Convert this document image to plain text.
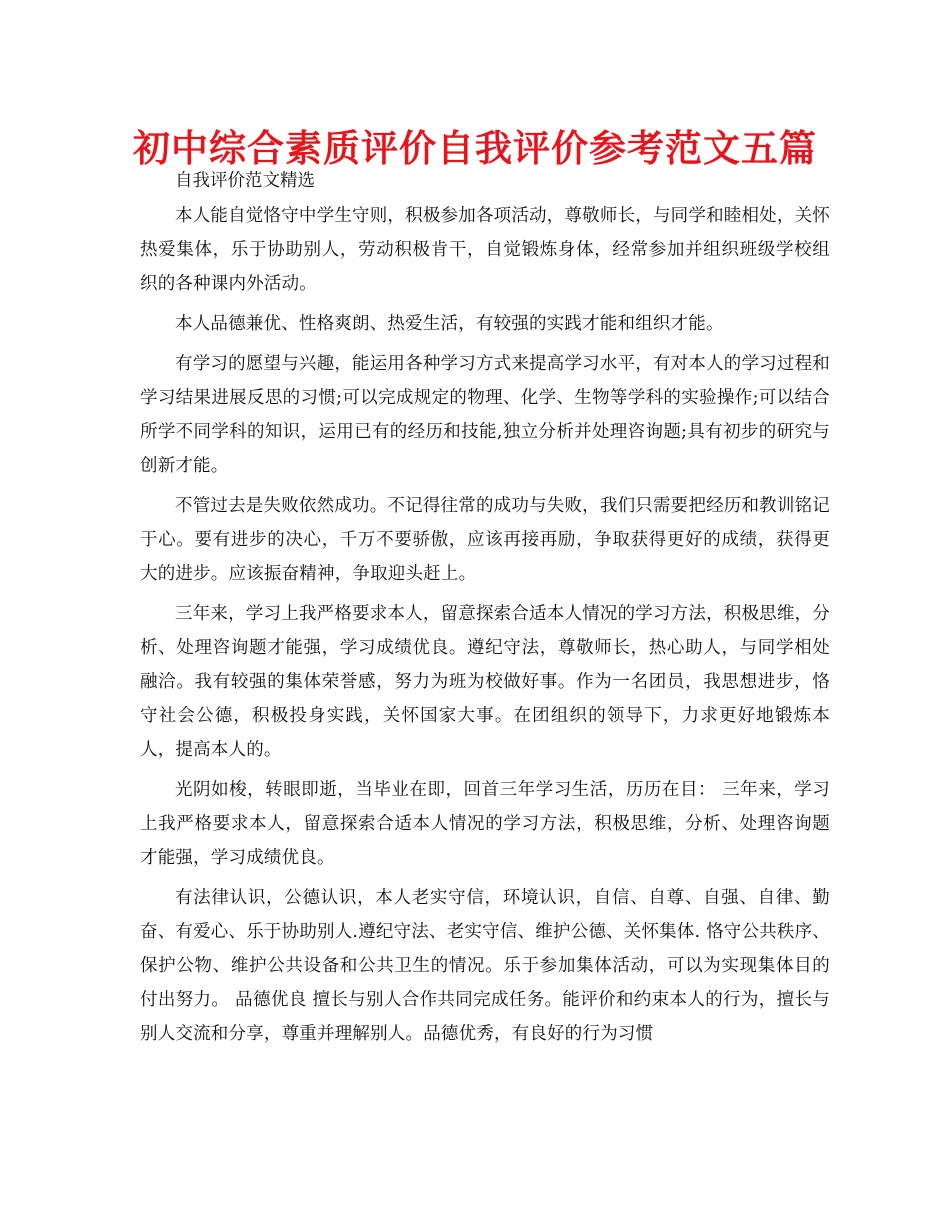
初中综合素质评价自我评价参考范文五篇
自我评价范文精选

本人能自觉恪守中学生守则，积极参加各项活动，尊敬师长，与同学和睦相处，关怀热爱集体，乐于协助别人，劳动积极肯干，自觉锻炼身体，经常参加并组织班级学校组织的各种课内外活动。

本人品德兼优、性格爽朗、热爱生活，有较强的实践才能和组织才能。

有学习的愿望与兴趣，能运用各种学习方式来提高学习水平，有对本人的学习过程和学习结果进展反思的习惯;可以完成规定的物理、化学、生物等学科的实验操作;可以结合所学不同学科的知识，运用已有的经历和技能,独立分析并处理咨询题;具有初步的研究与创新才能。

不管过去是失败依然成功。不记得往常的成功与失败，我们只需要把经历和教训铭记于心。要有进步的决心，千万不要骄傲，应该再接再励，争取获得更好的成绩，获得更大的进步。应该振奋精神，争取迎头赶上。

三年来，学习上我严格要求本人，留意探索合适本人情况的学习方法，积极思维，分析、处理咨询题才能强，学习成绩优良。遵纪守法，尊敬师长，热心助人，与同学相处融洽。我有较强的集体荣誉感，努力为班为校做好事。作为一名团员，我思想进步，恪守社会公德，积极投身实践，关怀国家大事。在团组织的领导下，力求更好地锻炼本人，提高本人的。

光阴如梭，转眼即逝，当毕业在即，回首三年学习生活，历历在目： 三年来，学习上我严格要求本人，留意探索合适本人情况的学习方法，积极思维，分析、处理咨询题才能强，学习成绩优良。

有法律认识，公德认识，本人老实守信，环境认识，自信、自尊、自强、自律、勤奋、有爱心、乐于协助别人.遵纪守法、老实守信、维护公德、关怀集体. 恪守公共秩序、保护公物、维护公共设备和公共卫生的情况。乐于参加集体活动，可以为实现集体目的付出努力。 品德优良 擅长与别人合作共同完成任务。能评价和约束本人的行为，擅长与别人交流和分享，尊重并理解别人。品德优秀，有良好的行为习惯
